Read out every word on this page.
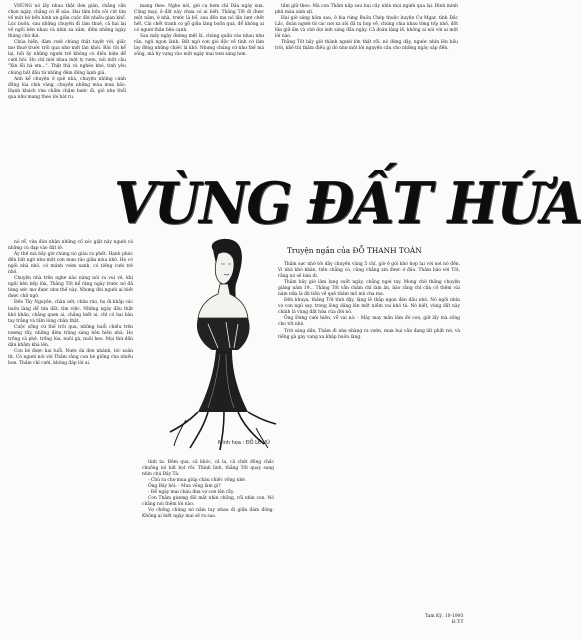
VHÙNG nó lấy nhau thật đơn giản, chẳng cần chọn ngày, chẳng có lễ nào. Hai tâm hồn côi cút tìm về một bờ bến bình an giữa cuộc đời nhiều gian khổ. Lúc buồn, sau những chuyến đi làm thuê, cả hai lại về ngồi bên nhau và nhìn xa xăm, đếm những ngày tháng chờ đợi.

Chúa hiền, đám cưới chúng thật tuyệt vời, giấc mơ thuở trước trôi qua như một làn khói. Bắc tôi kể lại, hồi ấy những người trẻ không có điều kiện để cưới hỏi. Họ chỉ mời nhau một ly rượu, nói một câu "Xin lỗi hà em...". Thật thà và nghèo khó, tình yêu chúng bắt đầu từ những đêm đông lạnh giá.

Anh kể chuyện ở quê nhà, chuyện những cánh đồng lúa chín vàng, chuyện những mùa mưa bão. Hạnh khách vừa chầm chậm bước đi, gió nhẹ thổi qua như mang theo lời hát ru.

mang theo. Nghe nói, giờ cụ hem chỉ Dâu ngày xưa. Cũng may, ở đất này chưa có ai biết. Thằng Tốt đi được một năm, ở nhà, trước là bố, sau đến mẹ nó lần lượt chết hết. Cái chết tranh cọ gỗ giữa làng buồn quá, để không ai có người thân bên cạnh.

Sau mấy ngày đường mệt lả, chúng quấn vào nhau như rắn, ngủ ngon lành. Bất ngờ cơn gió độc về tình cờ làm lay động những chiếc lá khô. Nhưng chúng cứ như thế mà sống, mà hy vọng vào một ngày mai tươi sáng hơn.

tấm giữ theo. Mà con Thắm nấp sau bụi cây nhìn mọi người qua lại. Bình minh phủ màu xám xịt.

Hai giờ sáng hôm sau, ở bìa rừng Buôn Chép thuộc huyện Cư Mgar, tỉnh Đắc Lắc, đoàn người từ các nơi xa xôi đã tụ họp về, chúng chia nhau từng tốp nhỏ, đốt lửa giữ ấm và chờ đợi ánh sáng đầu ngày. Cả đoàn lặng lẽ, không ai nói với ai một lời nào.

Thằng Tốt bây giờ thành người lớn thật rồi, nó đứng dậy, ngước nhìn lên bầu trời, khẽ thì thầm điều gì đó như một lời nguyện cầu cho những ngày sắp đến.

VÙNG ĐẤT HỨA
Truyện ngắn của ĐỖ THANH TOÀN
Minh họa : ĐỖ LÊ VŨ

nó rể, vừa đón nhận những cố xóc giật nảy người và những cú đạp vào đất lở.

Ấy thế mà bây giờ chúng nó giàu ra phết. Hạnh phúc đến bất ngờ như một cơn mưa rào giữa mùa khô. Họ có ngôi nhà nhỏ, có mảnh vườn xanh, có tiếng cười trẻ nhỏ.

Chuyện nhà trên nghe nào nàng nói ra vui vẻ, khi ngồi bên bếp lửa, Thằng Tốt kể rằng ngày trước nó đã từng ước mơ được như thế này. Nhưng đời người ai biết được chữ ngờ.

Đến Tây Nguyên, chân ướt, chân ráo, họ đi khắp các buôn làng để tìm đất, tìm việc. Những ngày đầu thật khó khăn, chẳng quen ai, chẳng biết ai, chỉ có hai bàn tay trắng và tấm lòng chân thật.

Cuộc sống cứ thế trôi qua, những buổi chiều trên nương rẫy, những đêm trăng sáng bên hiên nhà. Họ trồng cà phê, trồng lúa, nuôi gà, nuôi heo. Mọi thứ dần dần khấm khá lên.

Con bé được hai tuổi. Nước da đen nhánh, tóc xoăn tít. Có người nói với Thắm rằng con bé giống cha nhiều hơn. Thắm chỉ cười, không đáp lời ai.

tính ta. Đêm qua, cả khóc, cả la, cả chứt đồng chắc chuồng nó bất bọt rồi. Thình lình, thằng Tốt quay sang nhìn chú Bảy Tà.

- Chú ra chợ mua giúp cháu chiếc võng nhé.

Ông Bảy hỏi: - Mua võng làm gì?

- Để ngày mai cháu đưa vợ con lên rẫy.

Con Thắm giương đôi mắt nhìn chồng, rồi nhìn con. Nó chẳng nói thêm lời nào.

Vợ chồng chúng nó nắm tay nhau đi giữa đám đông. Không ai biết ngày mai sẽ ra sao.

Thắm sực nhớ tới dây chuyền vàng 5 chỉ, giờ ở gói khó hợp lại với nơi nó đến. Vì nhà khó khăn, tiền chẳng có, cũng chẳng xin được ở đâu. Thắm bảo với Tốt, rằng nó sẽ bán đi.

Thắm bây giờ làm lụng suốt ngày, chẳng ngơi tay. Mong chờ thắng chuyện giảng năm 19... Thắng Tốt vẫn chăm chỉ làm ăn, bảo rằng chỉ cần cố thêm vài năm nữa là đủ tiền về quê thăm mồ mả cha mẹ.

Đến khuya, thằng Tốt tỉnh dậy, lặng lẽ thắp ngọn đèn dầu nhỏ. Nó ngồi nhìn vợ con ngủ say, trong lòng dâng lên một niềm vui khó tả. Nó biết, vùng đất này chính là vùng đất hứa của đời nó.

Ông Đứng cười hiền, vỗ vai nó: - Mày may mắn lắm đó con, giữ lấy mà sống cho tốt nhé.

Trời sáng dần, Thắm đi nhẹ nhàng ra vườn, mưa bụi vẫn đang lất phất rơi, và tiếng gà gáy vang xa khắp buôn làng.

Tam Kỳ, 10-1993
Đ.T.T
